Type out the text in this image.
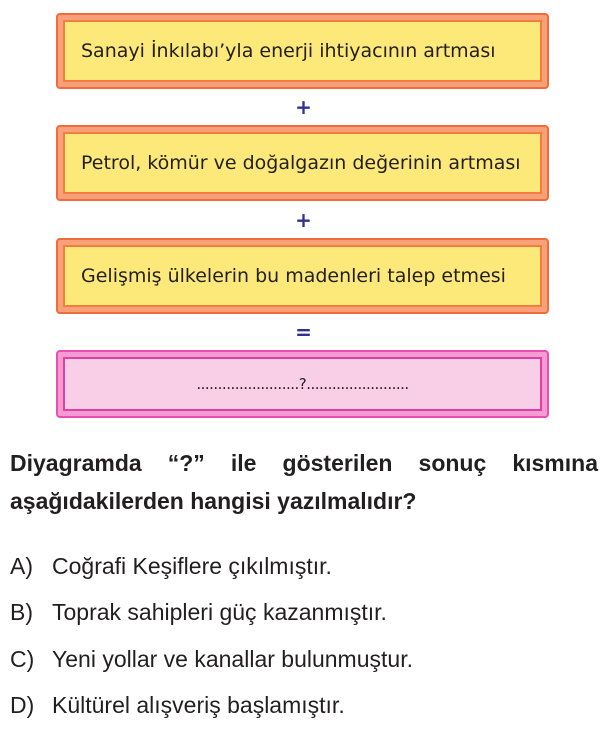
Sanayi İnkılabı’yla enerji ihtiyacının artması
+
Petrol, kömür ve doğalgazın değerinin artması
+
Gelişmiş ülkelerin bu madenleri talep etmesi
=
........................?........................
Diyagramda “?” ile gösterilen sonuç kısmına aşağıdakilerden hangisi yazılmalıdır?
A) Coğrafi Keşiflere çıkılmıştır.
B) Toprak sahipleri güç kazanmıştır.
C) Yeni yollar ve kanallar bulunmuştur.
D) Kültürel alışveriş başlamıştır.
